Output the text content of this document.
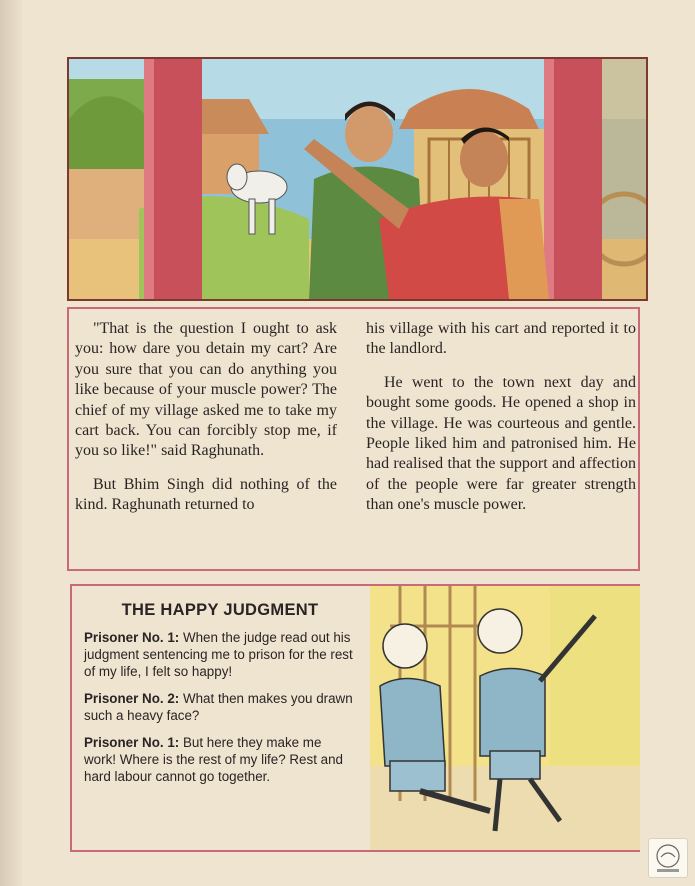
"That is the question I ought to ask you: how dare you detain my cart? Are you sure that you can do anything you like because of your muscle power? The chief of my village asked me to take my cart back. You can forcibly stop me, if you so like!" said Raghunath.

But Bhim Singh did nothing of the kind. Raghunath returned to

his village with his cart and reported it to the landlord.

He went to the town next day and bought some goods. He opened a shop in the village. He was courteous and gentle. People liked him and patronised him. He had realised that the support and affection of the people were far greater strength than one's muscle power.

THE HAPPY JUDGMENT

Prisoner No. 1: When the judge read out his judgment sentencing me to prison for the rest of my life, I felt so happy!

Prisoner No. 2: What then makes you drawn such a heavy face?

Prisoner No. 1: But here they make me work! Where is the rest of my life? Rest and hard labour cannot go together.
